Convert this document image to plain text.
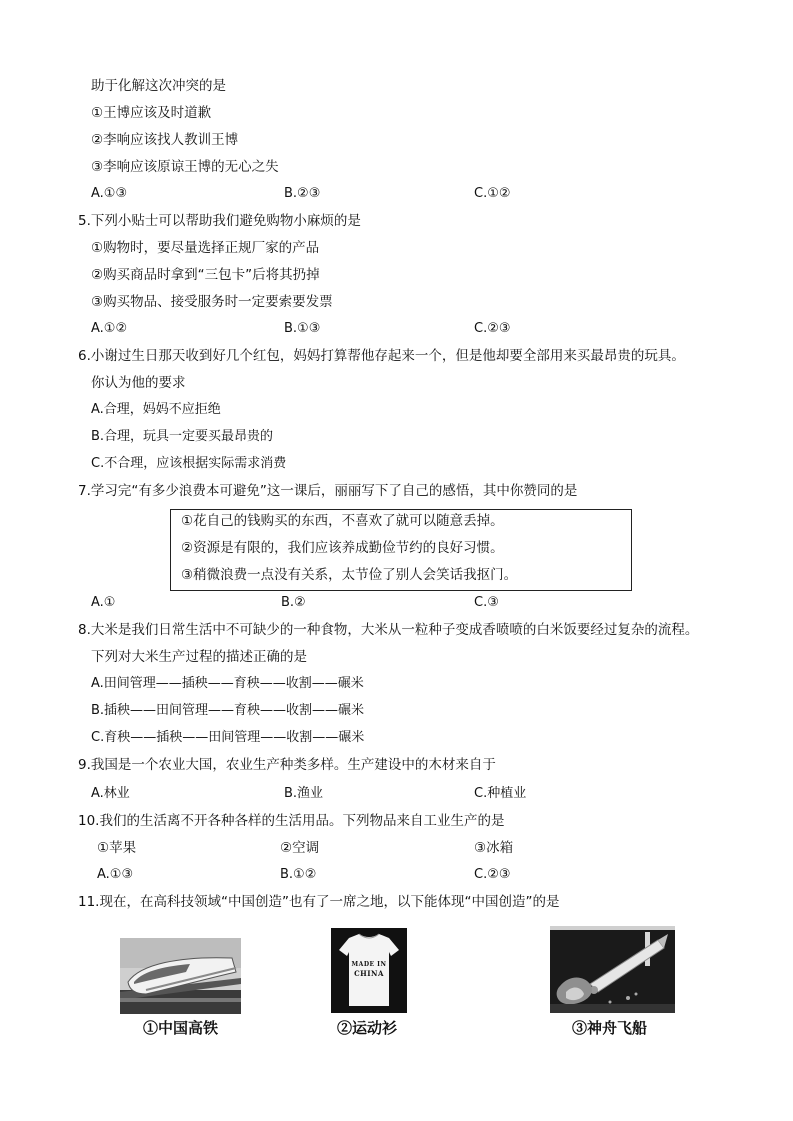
助于化解这次冲突的是
①王博应该及时道歉
②李响应该找人教训王博
③李响应该原谅王博的无心之失
A.①③	B.②③	C.①②
5.下列小贴士可以帮助我们避免购物小麻烦的是
①购物时，要尽量选择正规厂家的产品
②购买商品时拿到“三包卡”后将其扔掉
③购买物品、接受服务时一定要索要发票
A.①②	B.①③	C.②③
6.小谢过生日那天收到好几个红包，妈妈打算帮他存起来一个，但是他却要全部用来买最昂贵的玩具。
你认为他的要求
A.合理，妈妈不应拒绝
B.合理，玩具一定要买最昂贵的
C.不合理，应该根据实际需求消费
7.学习完“有多少浪费本可避免”这一课后，丽丽写下了自己的感悟，其中你赞同的是
①花自己的钱购买的东西，不喜欢了就可以随意丢掉。
②资源是有限的，我们应该养成勤俭节约的良好习惯。
③稍微浪费一点没有关系，太节俭了别人会笑话我抠门。
A.①	B.②	C.③
8.大米是我们日常生活中不可缺少的一种食物，大米从一粒种子变成香喷喷的白米饭要经过复杂的流程。
下列对大米生产过程的描述正确的是
A.田间管理——插秧——育秧——收割——碾米
B.插秧——田间管理——育秧——收割——碾米
C.育秧——插秧——田间管理——收割——碾米
9.我国是一个农业大国，农业生产种类多样。生产建设中的木材来自于
A.林业	B.渔业	C.种植业
10.我们的生活离不开各种各样的生活用品。下列物品来自工业生产的是
①苹果	②空调	③冰箱
A.①③	B.①②	C.②③
11.现在，在高科技领域“中国创造”也有了一席之地，以下能体现“中国创造”的是
①中国高铁
MADE IN
CHINA
②运动衫	③神舟飞船
